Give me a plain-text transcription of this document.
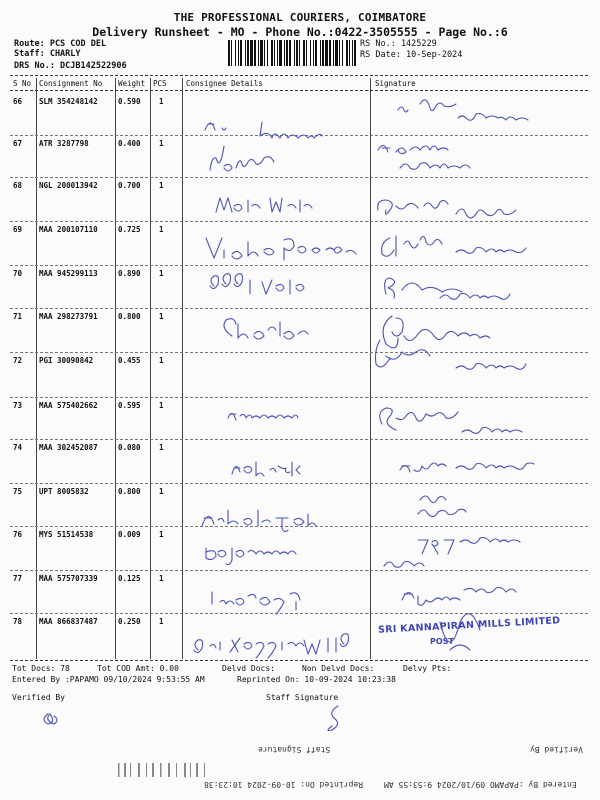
THE PROFESSIONAL COURIERS, COIMBATORE
Delivery Runsheet - MO - Phone No.:0422-3505555 - Page No.:6
Route: PCS COD DEL
Staff: CHARLY
DRS No.: DCJB142522906
RS No.: 1425229
RS Date: 10-Sep-2024
S No Consignment No Weight PCS	Consignee Details	Signature
66 SLM 354248142	0.590 1
67 ATR 3287798	0.400 1
68 NGL 200013942	0.700 1
69 MAA 200107110	0.725 1
70 MAA 945299113	0.890 1
71 MAA 298273791	0.800 1
72 PGI 30090842	0.455 1
73 MAA 575402662	0.595 1
74 MAA 302452087	0.080 1
75 UPT 8005832	0.800 1
76 MYS 51514538	0.009 1
77 MAA 575707339	0.125 1
78 MAA 866837487	0.250 1	SRI KANNAPIRAN MILLS LIMITED
POST
Tot Docs: 78	Tot COD Amt: 0.00	Delvd Docs:	Non Delvd Docs:	Delvy Pts:
Entered By :PAPAMO 09/10/2024 9:53:55 AM	Reprinted On: 10-09-2024 10:23:38
Verified By	Staff Signature
Staff Signature	Verified By
Entered By :PAPAMO 09/10/2024 9:53:55 AM
Reprinted On: 10-09-2024 10:23:38
